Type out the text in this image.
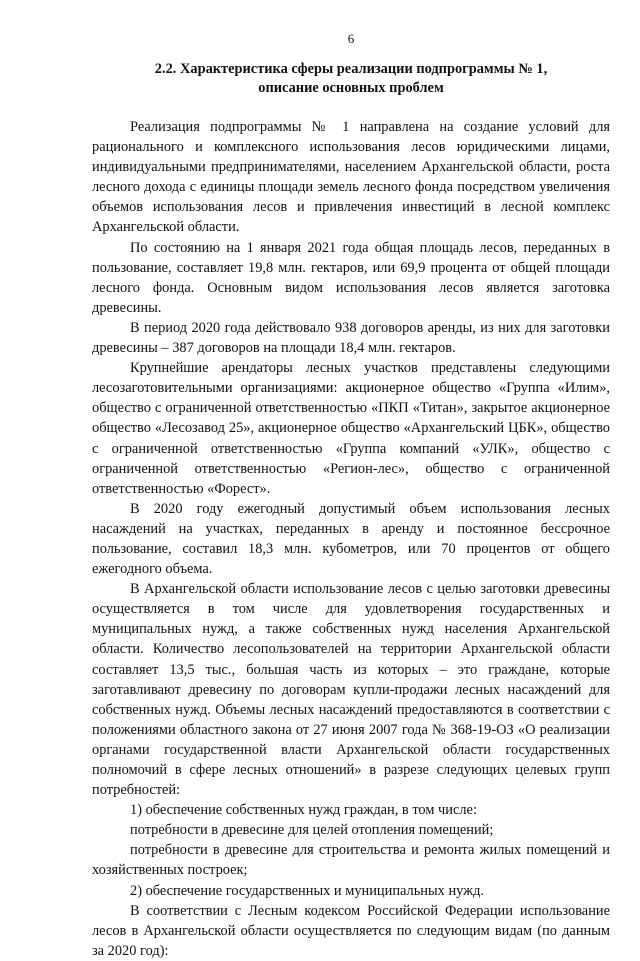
6
2.2. Характеристика сферы реализации подпрограммы № 1,
описание основных проблем

Реализация подпрограммы № 1 направлена на создание условий для рационального и комплексного использования лесов юридическими лицами, индивидуальными предпринимателями, населением Архангельской области, роста лесного дохода с единицы площади земель лесного фонда посредством увеличения объемов использования лесов и привлечения инвестиций в лесной комплекс Архангельской области.

По состоянию на 1 января 2021 года общая площадь лесов, переданных в пользование, составляет 19,8 млн. гектаров, или 69,9 процента от общей площади лесного фонда. Основным видом использования лесов является заготовка древесины.

В период 2020 года действовало 938 договоров аренды, из них для заготовки древесины – 387 договоров на площади 18,4 млн. гектаров.

Крупнейшие арендаторы лесных участков представлены следующими лесозаготовительными организациями: акционерное общество «Группа «Илим», общество с ограниченной ответственностью «ПКП «Титан», закрытое акционерное общество «Лесозавод 25», акционерное общество «Архангельский ЦБК», общество с ограниченной ответственностью «Группа компаний «УЛК», общество с ограниченной ответственностью «Регион-лес», общество с ограниченной ответственностью «Форест».

В 2020 году ежегодный допустимый объем использования лесных насаждений на участках, переданных в аренду и постоянное бессрочное пользование, составил 18,3 млн. кубометров, или 70 процентов от общего ежегодного объема.

В Архангельской области использование лесов с целью заготовки древесины осуществляется в том числе для удовлетворения государственных и муниципальных нужд, а также собственных нужд населения Архангельской области. Количество лесопользователей на территории Архангельской области составляет 13,5 тыс., большая часть из которых – это граждане, которые заготавливают древесину по договорам купли-продажи лесных насаждений для собственных нужд. Объемы лесных насаждений предоставляются в соответствии с положениями областного закона от 27 июня 2007 года № 368-19-ОЗ «О реализации органами государственной власти Архангельской области государственных полномочий в сфере лесных отношений» в разрезе следующих целевых групп потребностей:

1) обеспечение собственных нужд граждан, в том числе:

потребности в древесине для целей отопления помещений;

потребности в древесине для строительства и ремонта жилых помещений и хозяйственных построек;

2) обеспечение государственных и муниципальных нужд.

В соответствии с Лесным кодексом Российской Федерации использование лесов в Архангельской области осуществляется по следующим видам (по данным за 2020 год):
